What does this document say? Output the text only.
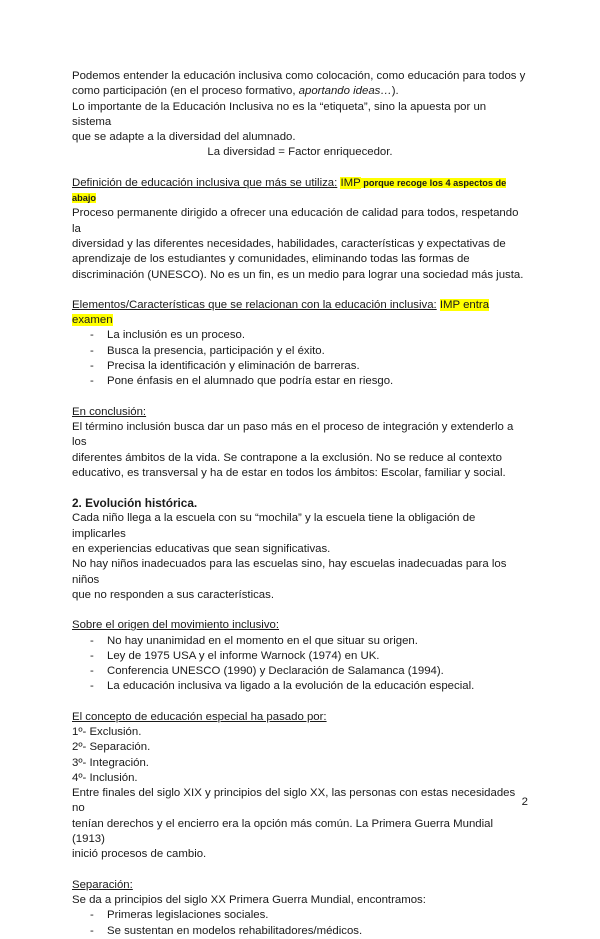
Podemos entender la educación inclusiva como colocación, como educación para todos y

como participación (en el proceso formativo, aportando ideas…).

Lo importante de la Educación Inclusiva no es la “etiqueta”, sino la apuesta por un sistema

que se adapte a la diversidad del alumnado.

La diversidad = Factor enriquecedor.

Definición de educación inclusiva que más se utiliza: IMP porque recoge los 4 aspectos de abajo

Proceso permanente dirigido a ofrecer una educación de calidad para todos, respetando la

diversidad y las diferentes necesidades, habilidades, características y expectativas de

aprendizaje de los estudiantes y comunidades, eliminando todas las formas de

discriminación (UNESCO). No es un fin, es un medio para lograr una sociedad más justa.

Elementos/Características que se relacionan con la educación inclusiva: IMP entra examen

- La inclusión es un proceso.
- Busca la presencia, participación y el éxito.
- Precisa la identificación y eliminación de barreras.
- Pone énfasis en el alumnado que podría estar en riesgo.

En conclusión:

El término inclusión busca dar un paso más en el proceso de integración y extenderlo a los

diferentes ámbitos de la vida. Se contrapone a la exclusión. No se reduce al contexto

educativo, es transversal y ha de estar en todos los ámbitos: Escolar, familiar y social.

2. Evolución histórica.

Cada niño llega a la escuela con su “mochila” y la escuela tiene la obligación de implicarles

en experiencias educativas que sean significativas.

No hay niños inadecuados para las escuelas sino, hay escuelas inadecuadas para los niños

que no responden a sus características.

Sobre el origen del movimiento inclusivo:

- No hay unanimidad en el momento en el que situar su origen.
- Ley de 1975 USA y el informe Warnock (1974) en UK.
- Conferencia UNESCO (1990) y Declaración de Salamanca (1994).
- La educación inclusiva va ligado a la evolución de la educación especial.

El concepto de educación especial ha pasado por:

1º- Exclusión.

2º- Separación.

3º- Integración.

4º- Inclusión.

Entre finales del siglo XIX y principios del siglo XX, las personas con estas necesidades no

tenían derechos y el encierro era la opción más común. La Primera Guerra Mundial (1913)

inició procesos de cambio.

Separación:

Se da a principios del siglo XX Primera Guerra Mundial, encontramos:

- Primeras legislaciones sociales.
- Se sustentan en modelos rehabilitadores/médicos.
2
